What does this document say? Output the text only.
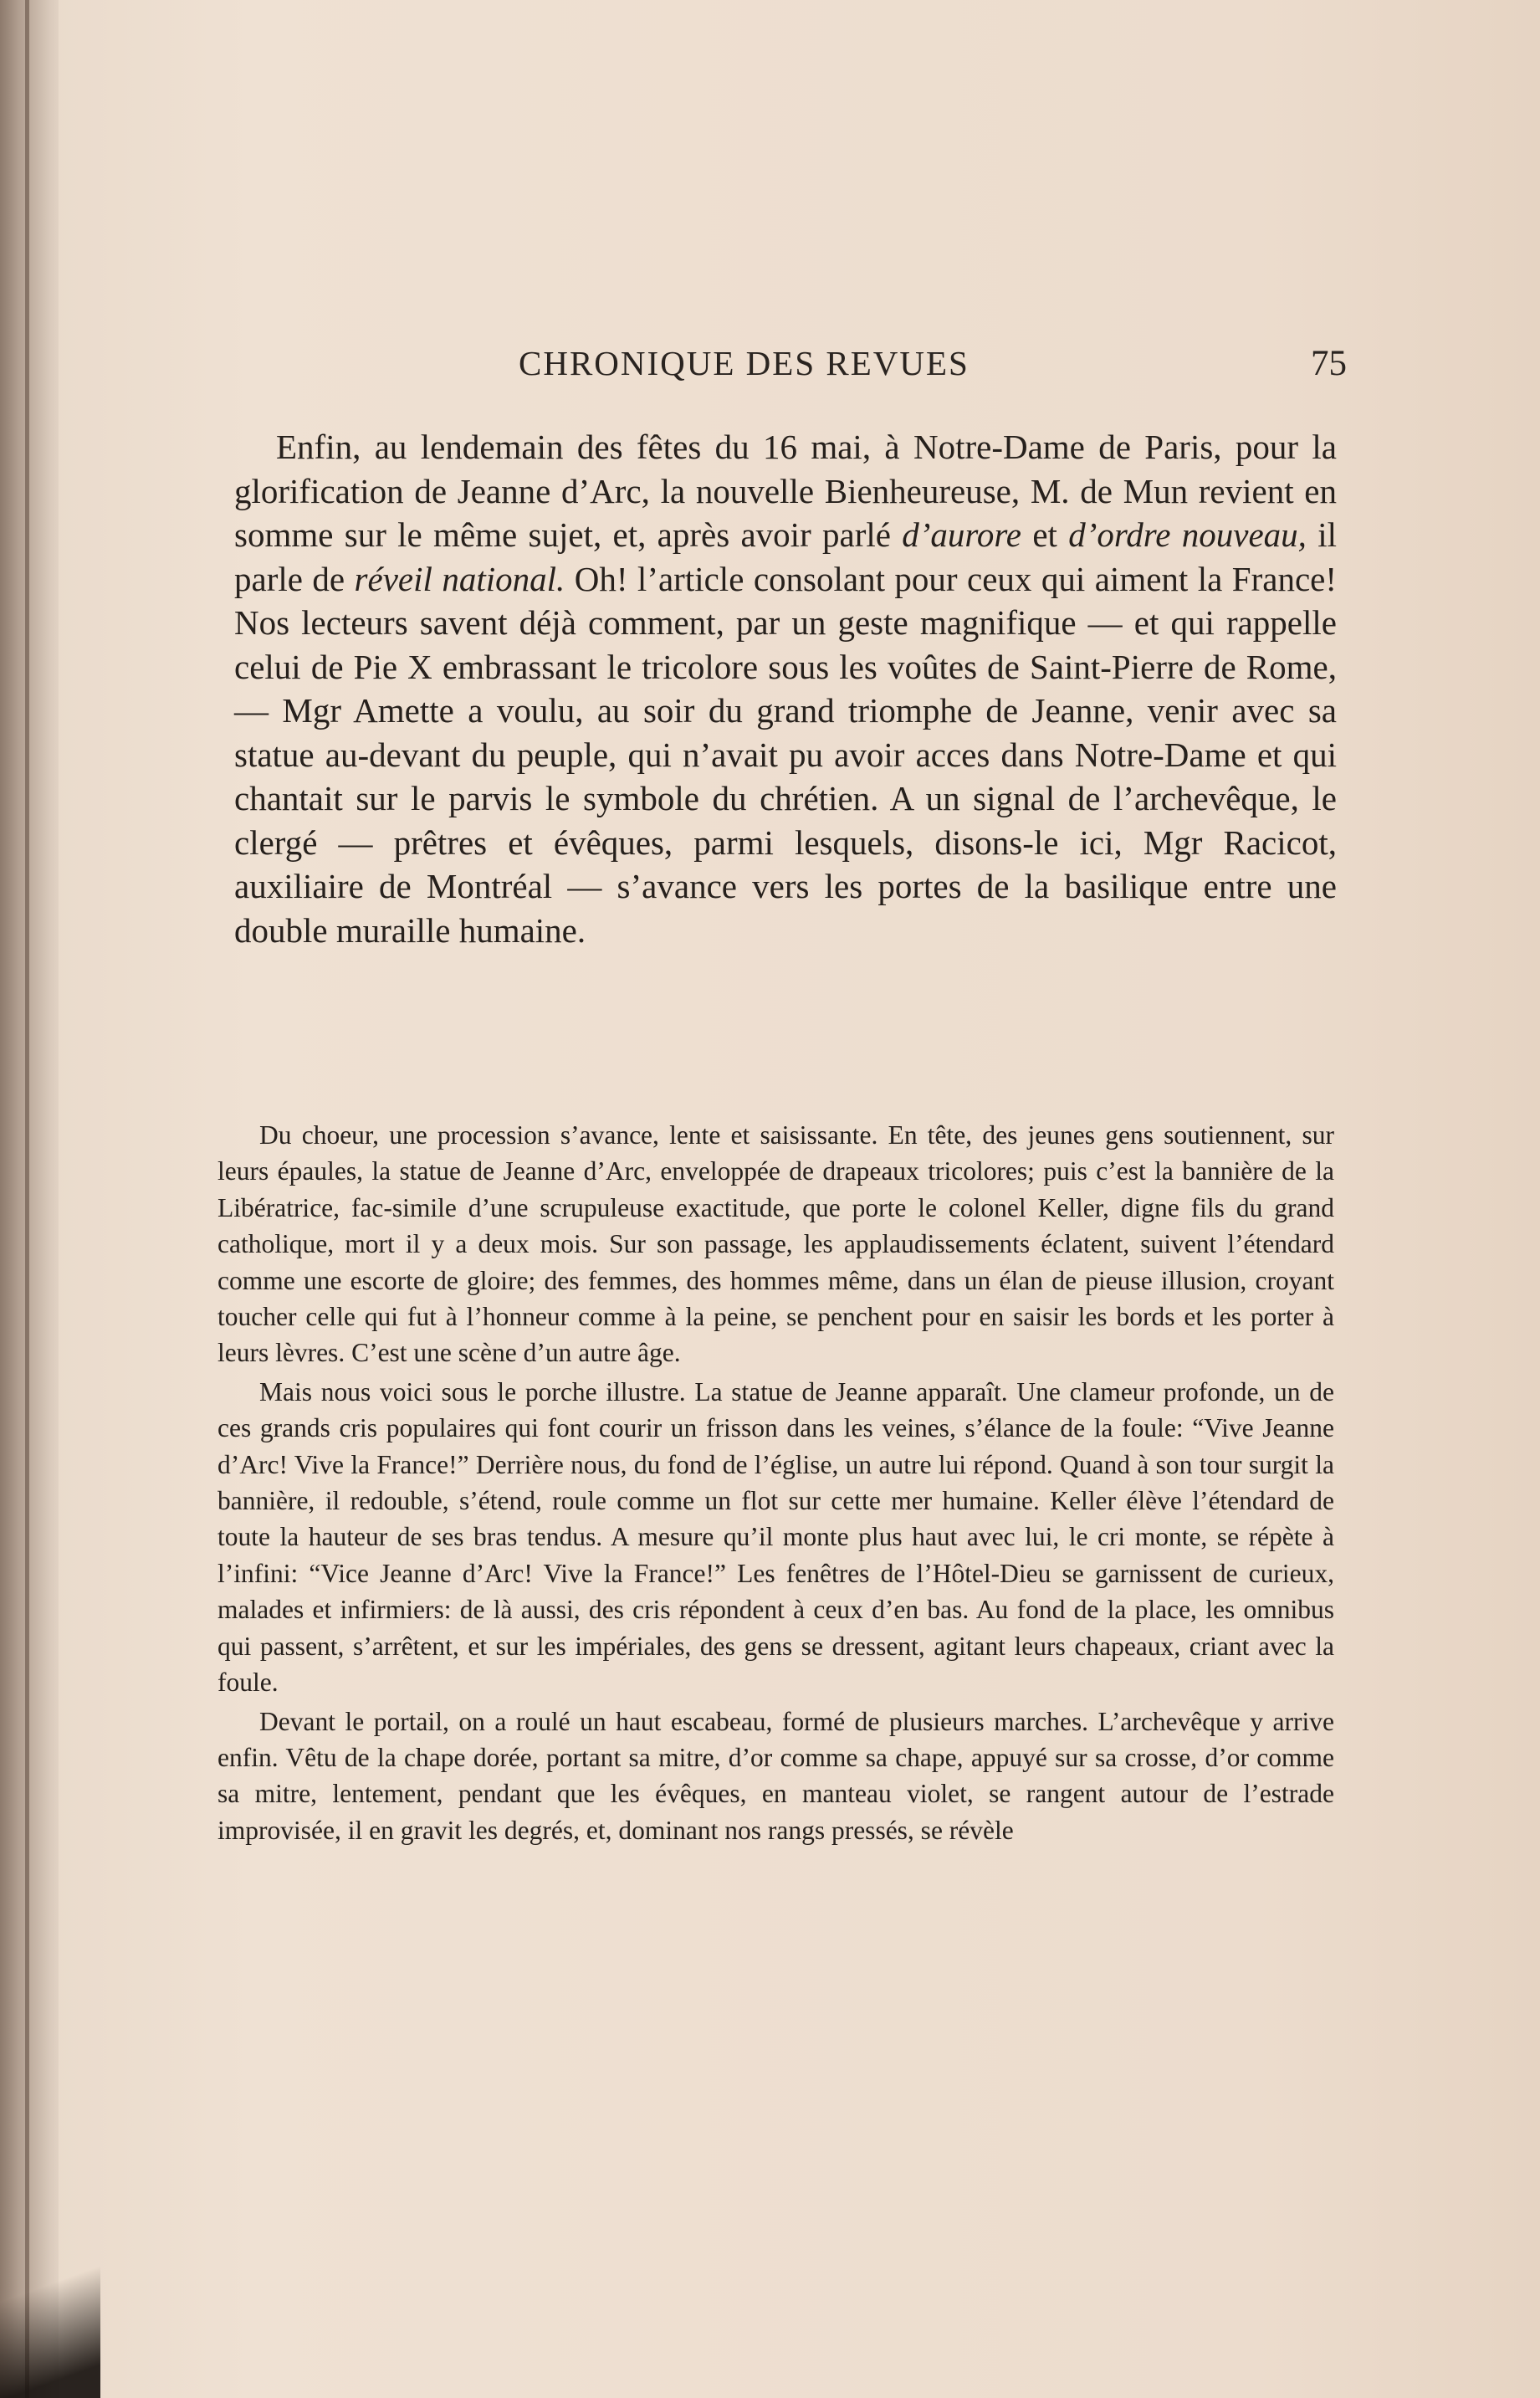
CHRONIQUE DES REVUES	75

Enfin, au lendemain des fêtes du 16 mai, à Notre-Dame de Paris, pour la glorification de Jeanne d’Arc, la nouvelle Bienheureuse, M. de Mun revient en somme sur le même sujet, et, après avoir parlé d’aurore et d’ordre nouveau, il parle de réveil national. Oh! l’article consolant pour ceux qui aiment la France! Nos lecteurs savent déjà comment, par un geste magnifique — et qui rappelle celui de Pie X embrassant le tricolore sous les voûtes de Saint-Pierre de Rome, — Mgr Amette a voulu, au soir du grand triomphe de Jeanne, venir avec sa statue au-devant du peuple, qui n’avait pu avoir acces dans Notre-Dame et qui chantait sur le parvis le symbole du chrétien. A un signal de l’archevêque, le clergé — prêtres et évêques, parmi lesquels, disons-le ici, Mgr Racicot, auxiliaire de Montréal — s’avance vers les portes de la basilique entre une double muraille humaine.

Du choeur, une procession s’avance, lente et saisissante. En tête, des jeunes gens soutiennent, sur leurs épaules, la statue de Jeanne d’Arc, enveloppée de drapeaux tricolores; puis c’est la bannière de la Libératrice, fac-simile d’une scrupuleuse exactitude, que porte le colonel Keller, digne fils du grand catholique, mort il y a deux mois. Sur son passage, les applaudissements éclatent, suivent l’étendard comme une escorte de gloire; des femmes, des hommes même, dans un élan de pieuse illusion, croyant toucher celle qui fut à l’honneur comme à la peine, se penchent pour en saisir les bords et les porter à leurs lèvres. C’est une scène d’un autre âge.

Mais nous voici sous le porche illustre. La statue de Jeanne apparaît. Une clameur profonde, un de ces grands cris populaires qui font courir un frisson dans les veines, s’élance de la foule: “Vive Jeanne d’Arc! Vive la France!” Derrière nous, du fond de l’église, un autre lui répond. Quand à son tour surgit la bannière, il redouble, s’étend, roule comme un flot sur cette mer humaine. Keller élève l’étendard de toute la hauteur de ses bras tendus. A mesure qu’il monte plus haut avec lui, le cri monte, se répète à l’infini: “Vice Jeanne d’Arc! Vive la France!” Les fenêtres de l’Hôtel-Dieu se garnissent de curieux, malades et infirmiers: de là aussi, des cris répondent à ceux d’en bas. Au fond de la place, les omnibus qui passent, s’arrêtent, et sur les impériales, des gens se dressent, agitant leurs chapeaux, criant avec la foule.

Devant le portail, on a roulé un haut escabeau, formé de plusieurs marches. L’archevêque y arrive enfin. Vêtu de la chape dorée, portant sa mitre, d’or comme sa chape, appuyé sur sa crosse, d’or comme sa mitre, lentement, pendant que les évêques, en manteau violet, se rangent autour de l’estrade improvisée, il en gravit les degrés, et, dominant nos rangs pressés, se révèle
